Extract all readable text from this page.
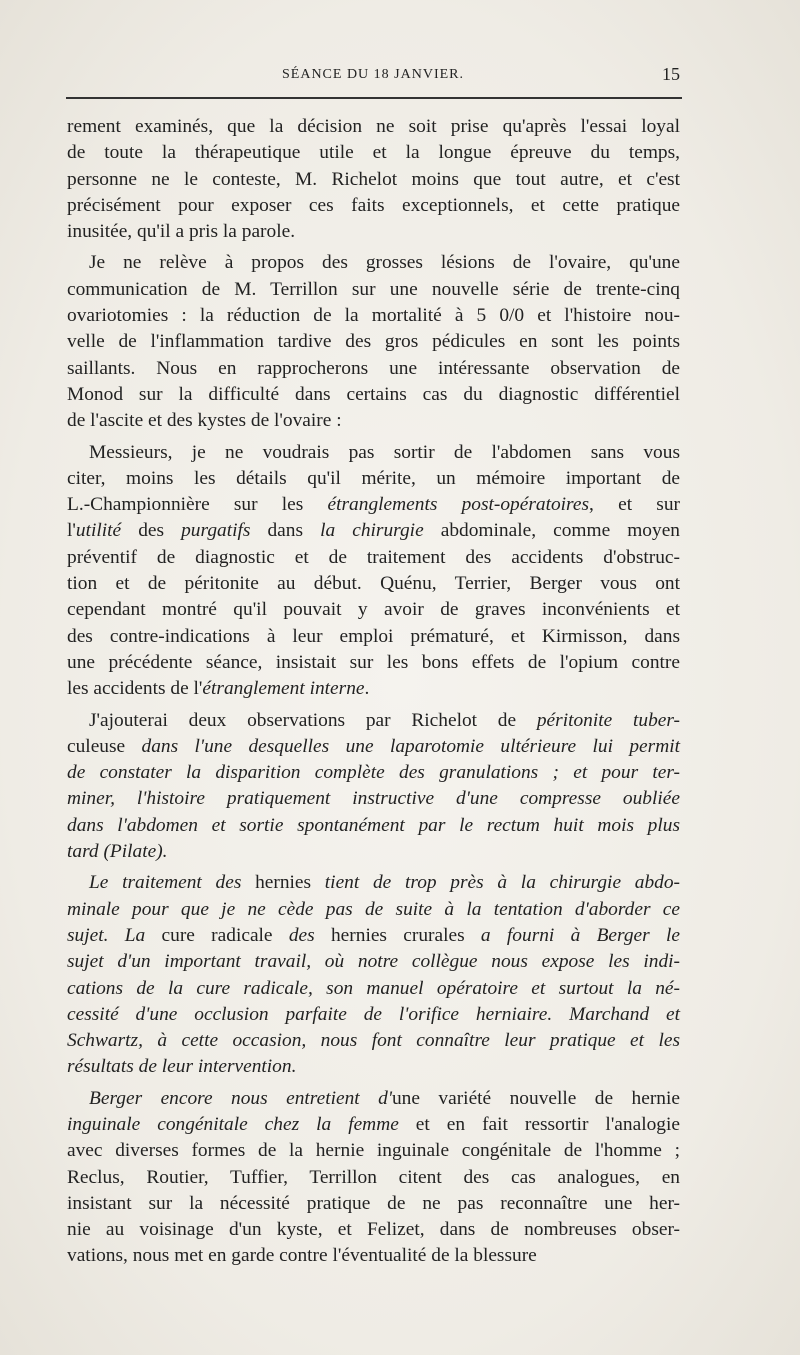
SÉANCE DU 18 JANVIER.	15

rement examinés, que la décision ne soit prise qu'après l'essai loyal
de toute la thérapeutique utile et la longue épreuve du temps,
personne ne le conteste, M. Richelot moins que tout autre, et c'est
précisément pour exposer ces faits exceptionnels, et cette pratique
inusitée, qu'il a pris la parole.

Je ne relève à propos des grosses lésions de l'ovaire, qu'une
communication de M. Terrillon sur une nouvelle série de trente-cinq
ovariotomies : la réduction de la mortalité à 5 0/0 et l'histoire nou-
velle de l'inflammation tardive des gros pédicules en sont les points
saillants. Nous en rapprocherons une intéressante observation de
Monod sur la difficulté dans certains cas du diagnostic différentiel
de l'ascite et des kystes de l'ovaire :

Messieurs, je ne voudrais pas sortir de l'abdomen sans vous
citer, moins les détails qu'il mérite, un mémoire important de
L.-Championnière sur les étranglements post-opératoires, et sur
l'utilité des purgatifs dans la chirurgie abdominale, comme moyen
préventif de diagnostic et de traitement des accidents d'obstruc-
tion et de péritonite au début. Quénu, Terrier, Berger vous ont
cependant montré qu'il pouvait y avoir de graves inconvénients et
des contre-indications à leur emploi prématuré, et Kirmisson, dans
une précédente séance, insistait sur les bons effets de l'opium contre
les accidents de l'étranglement interne.

J'ajouterai deux observations par Richelot de péritonite tuber-
culeuse dans l'une desquelles une laparotomie ultérieure lui permit
de constater la disparition complète des granulations ; et pour ter-
miner, l'histoire pratiquement instructive d'une compresse oubliée
dans l'abdomen et sortie spontanément par le rectum huit mois plus
tard (Pilate).

Le traitement des hernies tient de trop près à la chirurgie abdo-
minale pour que je ne cède pas de suite à la tentation d'aborder ce
sujet. La cure radicale des hernies crurales a fourni à Berger le
sujet d'un important travail, où notre collègue nous expose les indi-
cations de la cure radicale, son manuel opératoire et surtout la né-
cessité d'une occlusion parfaite de l'orifice herniaire. Marchand et
Schwartz, à cette occasion, nous font connaître leur pratique et les
résultats de leur intervention.

Berger encore nous entretient d'une variété nouvelle de hernie
inguinale congénitale chez la femme et en fait ressortir l'analogie
avec diverses formes de la hernie inguinale congénitale de l'homme ;
Reclus, Routier, Tuffier, Terrillon citent des cas analogues, en
insistant sur la nécessité pratique de ne pas reconnaître une her-
nie au voisinage d'un kyste, et Felizet, dans de nombreuses obser-
vations, nous met en garde contre l'éventualité de la blessure
